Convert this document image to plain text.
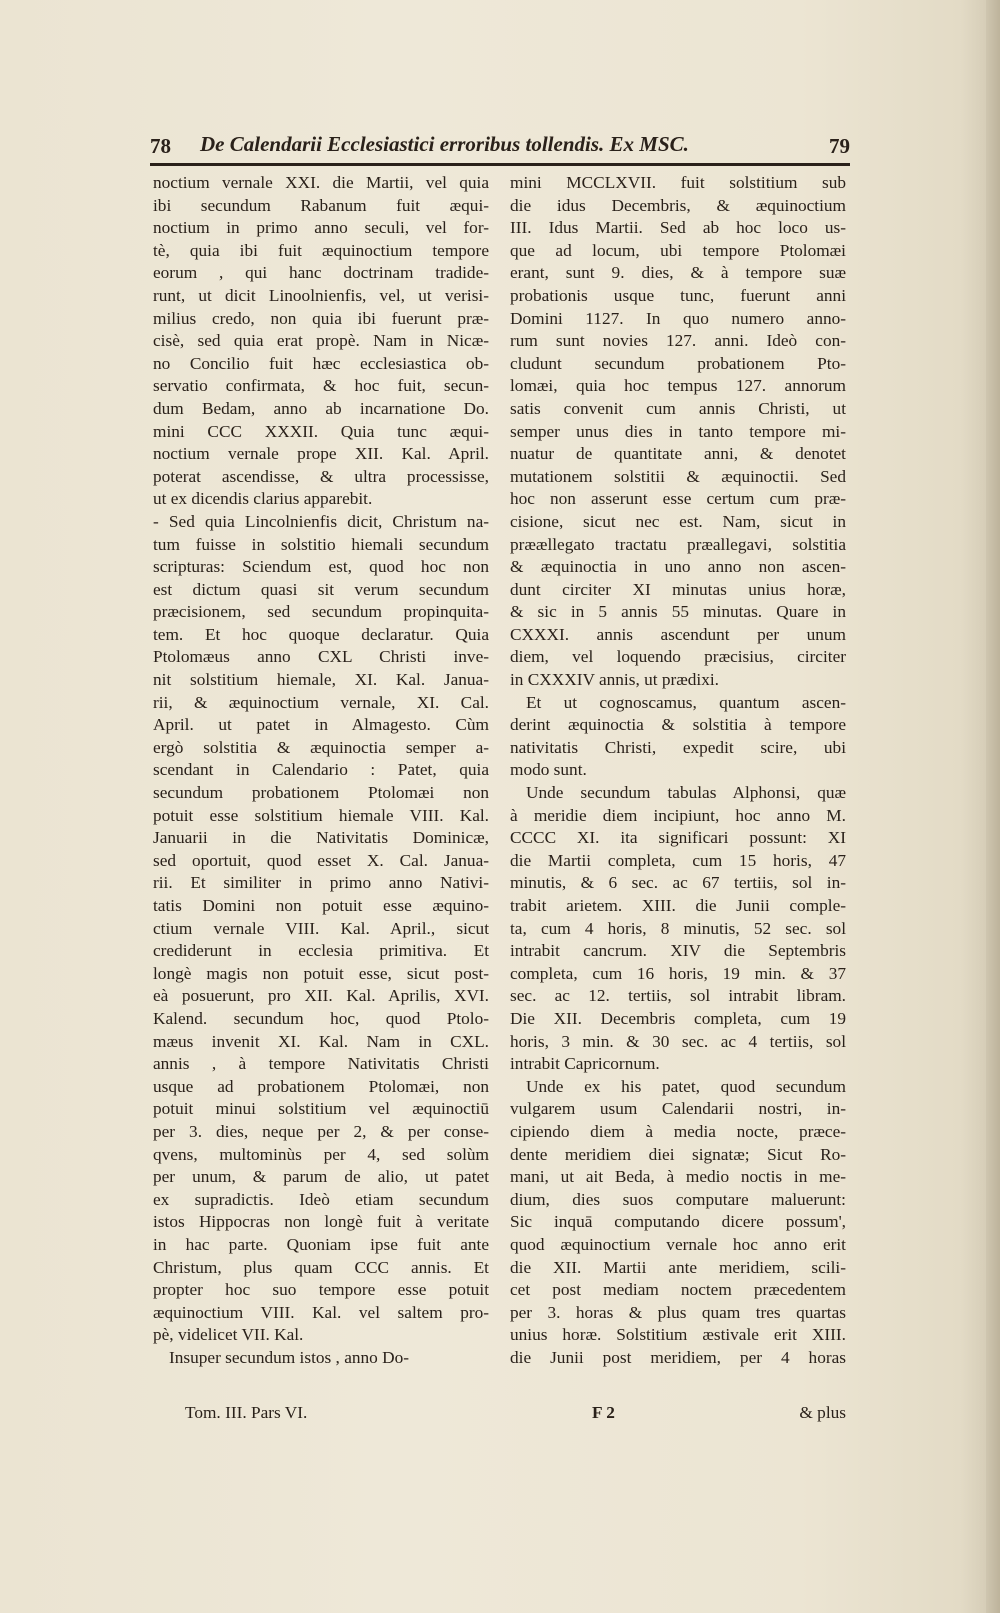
78 De Calendarii Ecclesiastici erroribus tollendis. Ex MSC.	79
noctium vernale XXI. die Martii, vel quia
ibi secundum Rabanum fuit æqui-
noctium in primo anno seculi, vel for-
tè, quia ibi fuit æquinoctium tempore
eorum , qui hanc doctrinam tradide-
runt, ut dicit Linoolnienfis, vel, ut verisi-
milius credo, non quia ibi fuerunt præ-
cisè, sed quia erat propè. Nam in Nicæ-
no Concilio fuit hæc ecclesiastica ob-
servatio confirmata, & hoc fuit, secun-
dum Bedam, anno ab incarnatione Do.
mini CCC XXXII. Quia tunc æqui-
noctium vernale prope XII. Kal. April.
poterat ascendisse, & ultra processisse,
ut ex dicendis clarius apparebit.
- Sed quia Lincolnienfis dicit, Christum na-
tum fuisse in solstitio hiemali secundum
scripturas: Sciendum est, quod hoc non
est dictum quasi sit verum secundum
præcisionem, sed secundum propinquita-
tem. Et hoc quoque declaratur. Quia
Ptolomæus anno CXL Christi inve-
nit solstitium hiemale, XI. Kal. Janua-
rii, & æquinoctium vernale, XI. Cal.
April. ut patet in Almagesto. Cùm
ergò solstitia & æquinoctia semper a-
scendant in Calendario : Patet, quia
secundum probationem Ptolomæi non
potuit esse solstitium hiemale VIII. Kal.
Januarii in die Nativitatis Dominicæ,
sed oportuit, quod esset X. Cal. Janua-
rii. Et similiter in primo anno Nativi-
tatis Domini non potuit esse æquino-
ctium vernale VIII. Kal. April., sicut
crediderunt in ecclesia primitiva. Et
longè magis non potuit esse, sicut post-
eà posuerunt, pro XII. Kal. Aprilis, XVI.
Kalend. secundum hoc, quod Ptolo-
mæus invenit XI. Kal. Nam in CXL.
annis , à tempore Nativitatis Christi
usque ad probationem Ptolomæi, non
potuit minui solstitium vel æquinoctiū
per 3. dies, neque per 2, & per conse-
qvens, multominùs per 4, sed solùm
per unum, & parum de alio, ut patet
ex supradictis. Ideò etiam secundum
istos Hippocras non longè fuit à veritate
in hac parte. Quoniam ipse fuit ante
Christum, plus quam CCC annis. Et
propter hoc suo tempore esse potuit
æquinoctium VIII. Kal. vel saltem pro-
pè, videlicet VII. Kal.
Insuper secundum istos , anno Do-
mini MCCLXVII. fuit solstitium sub
die idus Decembris, & æquinoctium
III. Idus Martii. Sed ab hoc loco us-
que ad locum, ubi tempore Ptolomæi
erant, sunt 9. dies, & à tempore suæ
probationis usque tunc, fuerunt anni
Domini 1127. In quo numero anno-
rum sunt novies 127. anni. Ideò con-
cludunt secundum probationem Pto-
lomæi, quia hoc tempus 127. annorum
satis convenit cum annis Christi, ut
semper unus dies in tanto tempore mi-
nuatur de quantitate anni, & denotet
mutationem solstitii & æquinoctii. Sed
hoc non asserunt esse certum cum præ-
cisione, sicut nec est. Nam, sicut in
præællegato tractatu præallegavi, solstitia
& æquinoctia in uno anno non ascen-
dunt circiter XI minutas unius horæ,
& sic in 5 annis 55 minutas. Quare in
CXXXI. annis ascendunt per unum
diem, vel loquendo præcisius, circiter
in CXXXIV annis, ut prædixi.
Et ut cognoscamus, quantum ascen-
derint æquinoctia & solstitia à tempore
nativitatis Christi, expedit scire, ubi
modo sunt.
Unde secundum tabulas Alphonsi, quæ
à meridie diem incipiunt, hoc anno M.
CCCC XI. ita significari possunt: XI
die Martii completa, cum 15 horis, 47
minutis, & 6 sec. ac 67 tertiis, sol in-
trabit arietem. XIII. die Junii comple-
ta, cum 4 horis, 8 minutis, 52 sec. sol
intrabit cancrum. XIV die Septembris
completa, cum 16 horis, 19 min. & 37
sec. ac 12. tertiis, sol intrabit libram.
Die XII. Decembris completa, cum 19
horis, 3 min. & 30 sec. ac 4 tertiis, sol
intrabit Capricornum.
Unde ex his patet, quod secundum
vulgarem usum Calendarii nostri, in-
cipiendo diem à media nocte, præce-
dente meridiem diei signatæ; Sicut Ro-
mani, ut ait Beda, à medio noctis in me-
dium, dies suos computare maluerunt:
Sic inquā computando dicere possum',
quod æquinoctium vernale hoc anno erit
die XII. Martii ante meridiem, scili-
cet post mediam noctem præcedentem
per 3. horas & plus quam tres quartas
unius horæ. Solstitium æstivale erit XIII.
die Junii post meridiem, per 4 horas
Tom. III. Pars VI.	F 2	& plus
